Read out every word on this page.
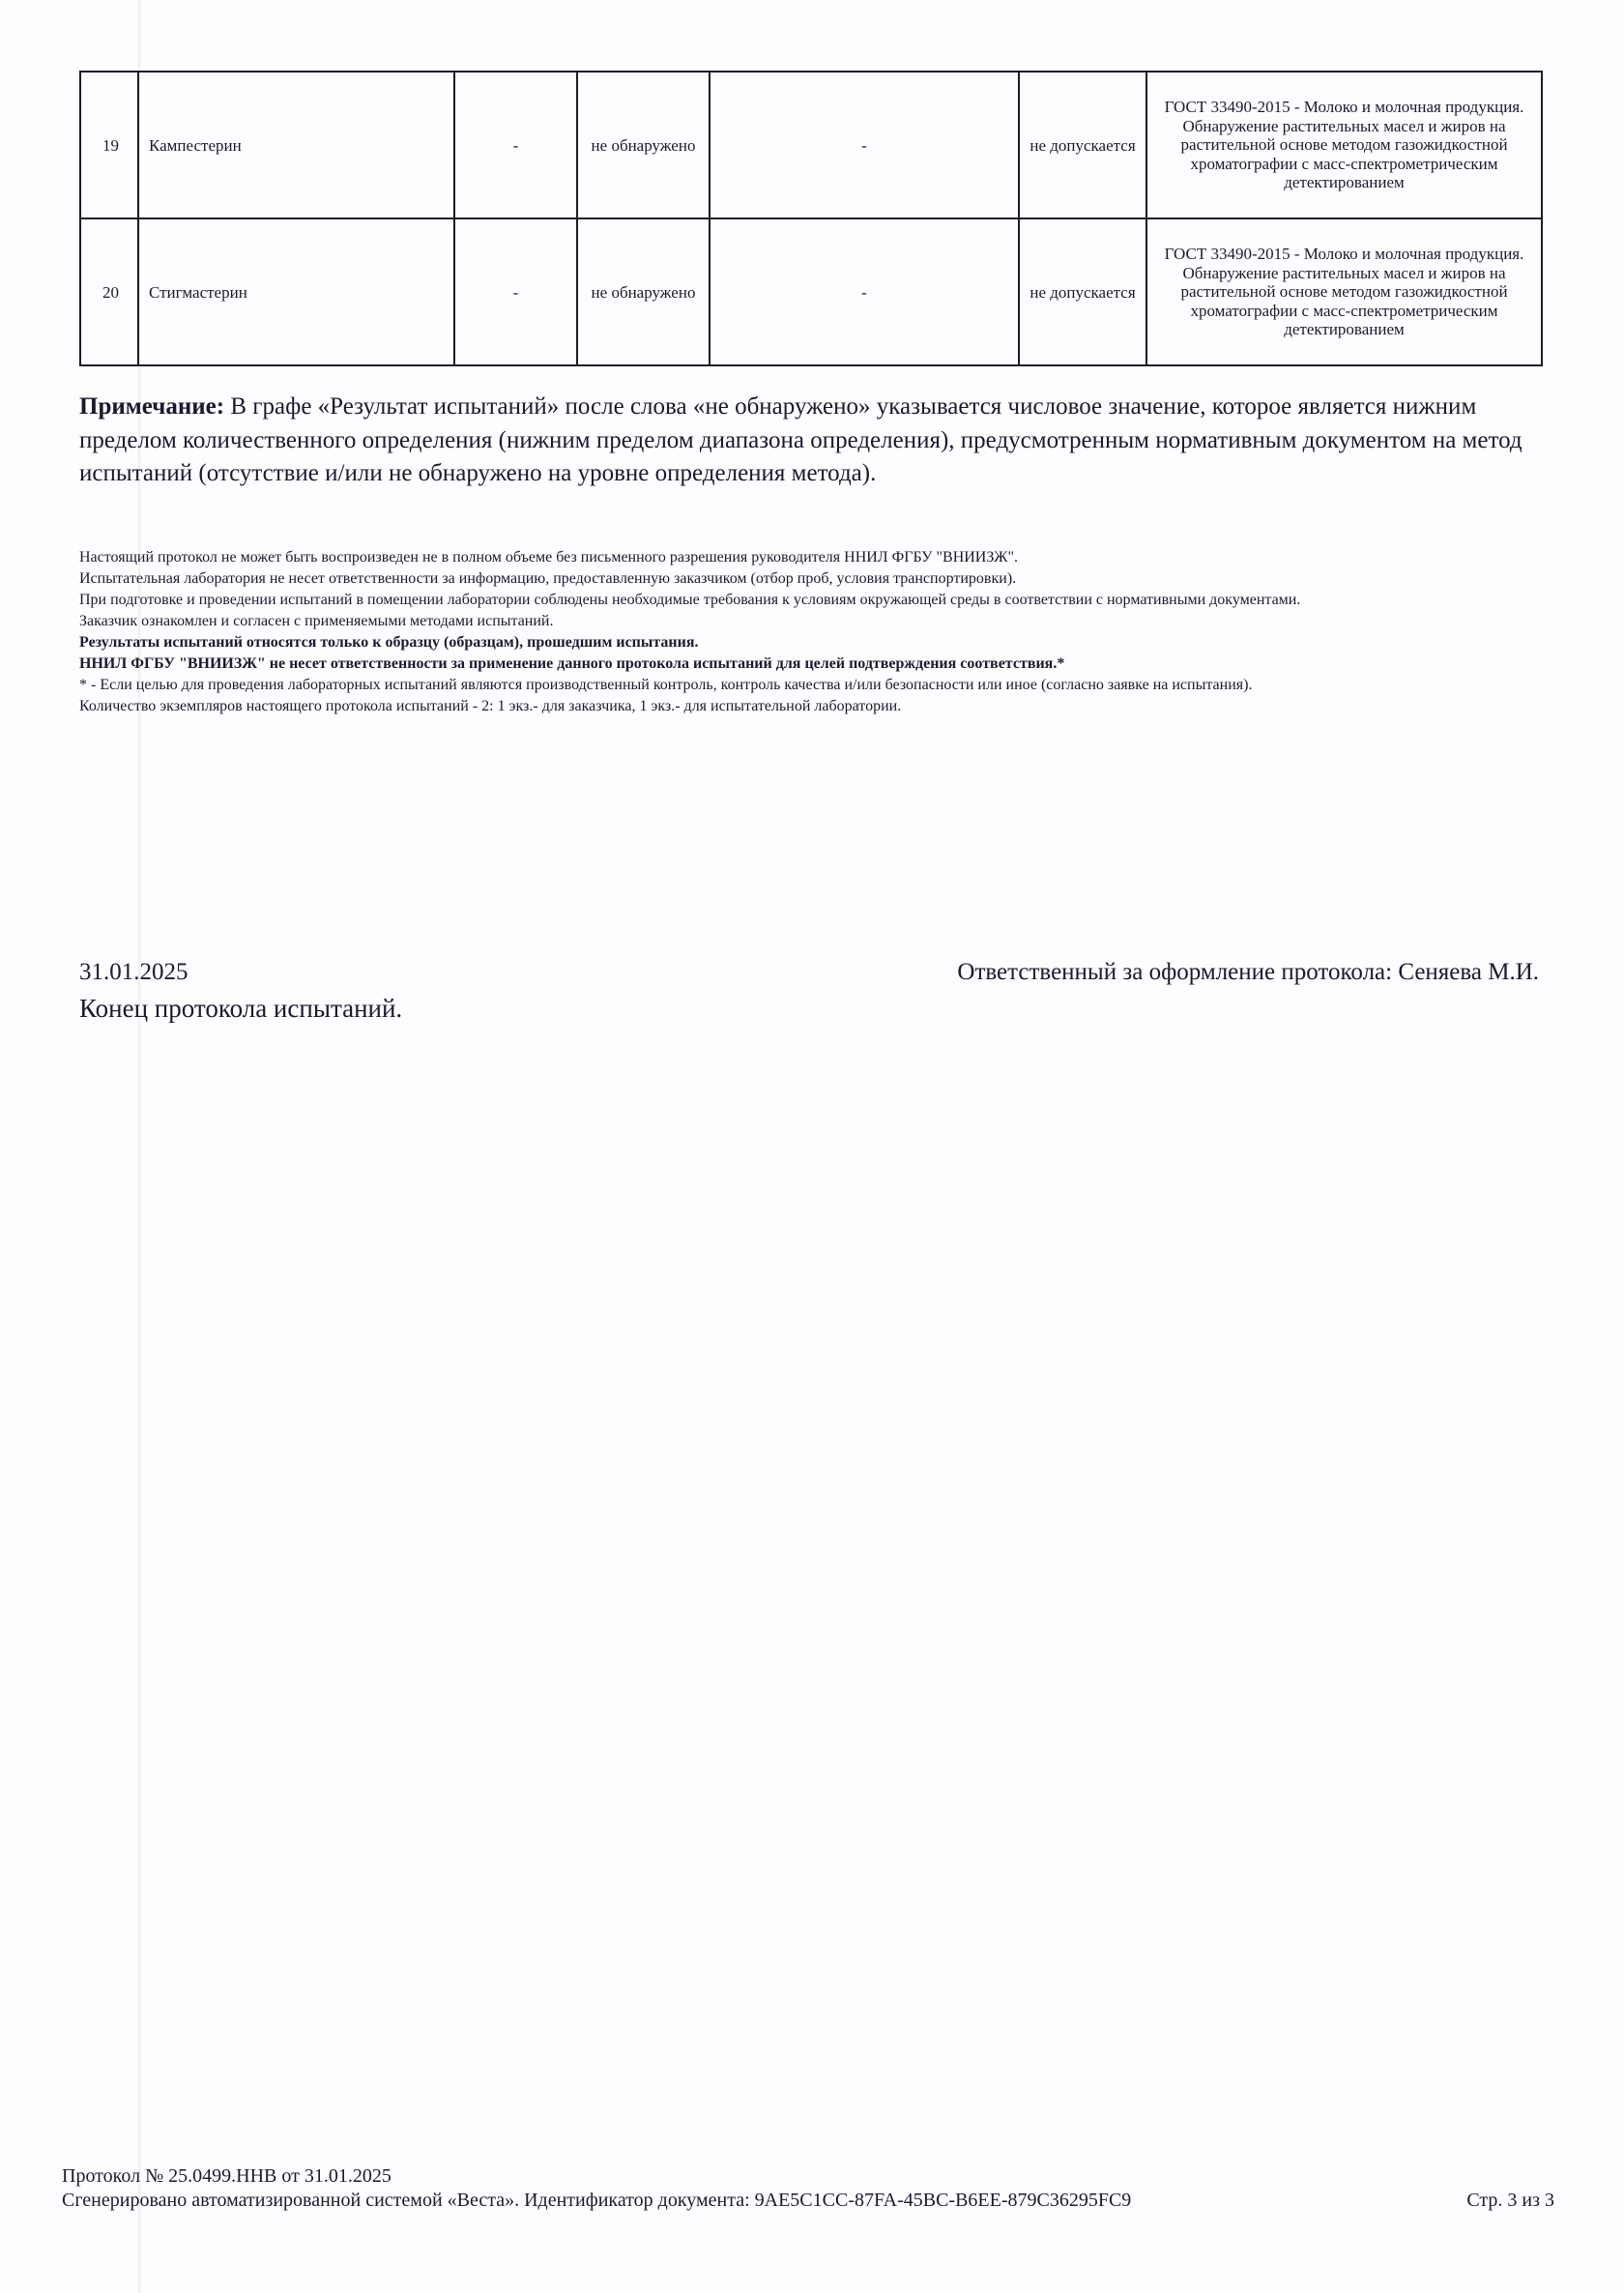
19	Кампестерин	-	не обнаружено	-	не допускается	ГОСТ 33490-2015 - Молоко и молочная продукция. Обнаружение растительных масел и жиров на растительной основе методом газожидкостной хроматографии с масс-спектрометрическим детектированием
20	Стигмастерин	-	не обнаружено	-	не допускается	ГОСТ 33490-2015 - Молоко и молочная продукция. Обнаружение растительных масел и жиров на растительной основе методом газожидкостной хроматографии с масс-спектрометрическим детектированием

Примечание: В графе «Результат испытаний» после слова «не обнаружено» указывается числовое значение, которое является нижним пределом количественного определения (нижним пределом диапазона определения), предусмотренным нормативным документом на метод испытаний (отсутствие и/или не обнаружено на уровне определения метода).

Настоящий протокол не может быть воспроизведен не в полном объеме без письменного разрешения руководителя ННИЛ ФГБУ "ВНИИЗЖ".

Испытательная лаборатория не несет ответственности за информацию, предоставленную заказчиком (отбор проб, условия транспортировки).

При подготовке и проведении испытаний в помещении лаборатории соблюдены необходимые требования к условиям окружающей среды в соответствии с нормативными документами.

Заказчик ознакомлен и согласен с применяемыми методами испытаний.

Результаты испытаний относятся только к образцу (образцам), прошедшим испытания.

ННИЛ ФГБУ "ВНИИЗЖ" не несет ответственности за применение данного протокола испытаний для целей подтверждения соответствия.*

* - Если целью для проведения лабораторных испытаний являются производственный контроль, контроль качества и/или безопасности или иное (согласно заявке на испытания).

Количество экземпляров настоящего протокола испытаний - 2: 1 экз.- для заказчика, 1 экз.- для испытательной лаборатории.

31.01.2025
Конец протокола испытаний.
Ответственный за оформление протокола: Сеняева М.И.
Протокол № 25.0499.ННВ от 31.01.2025
Сгенерировано автоматизированной системой «Веста». Идентификатор документа: 9AE5C1CC-87FA-45BC-B6EE-879C36295FC9	Стр. 3 из 3
